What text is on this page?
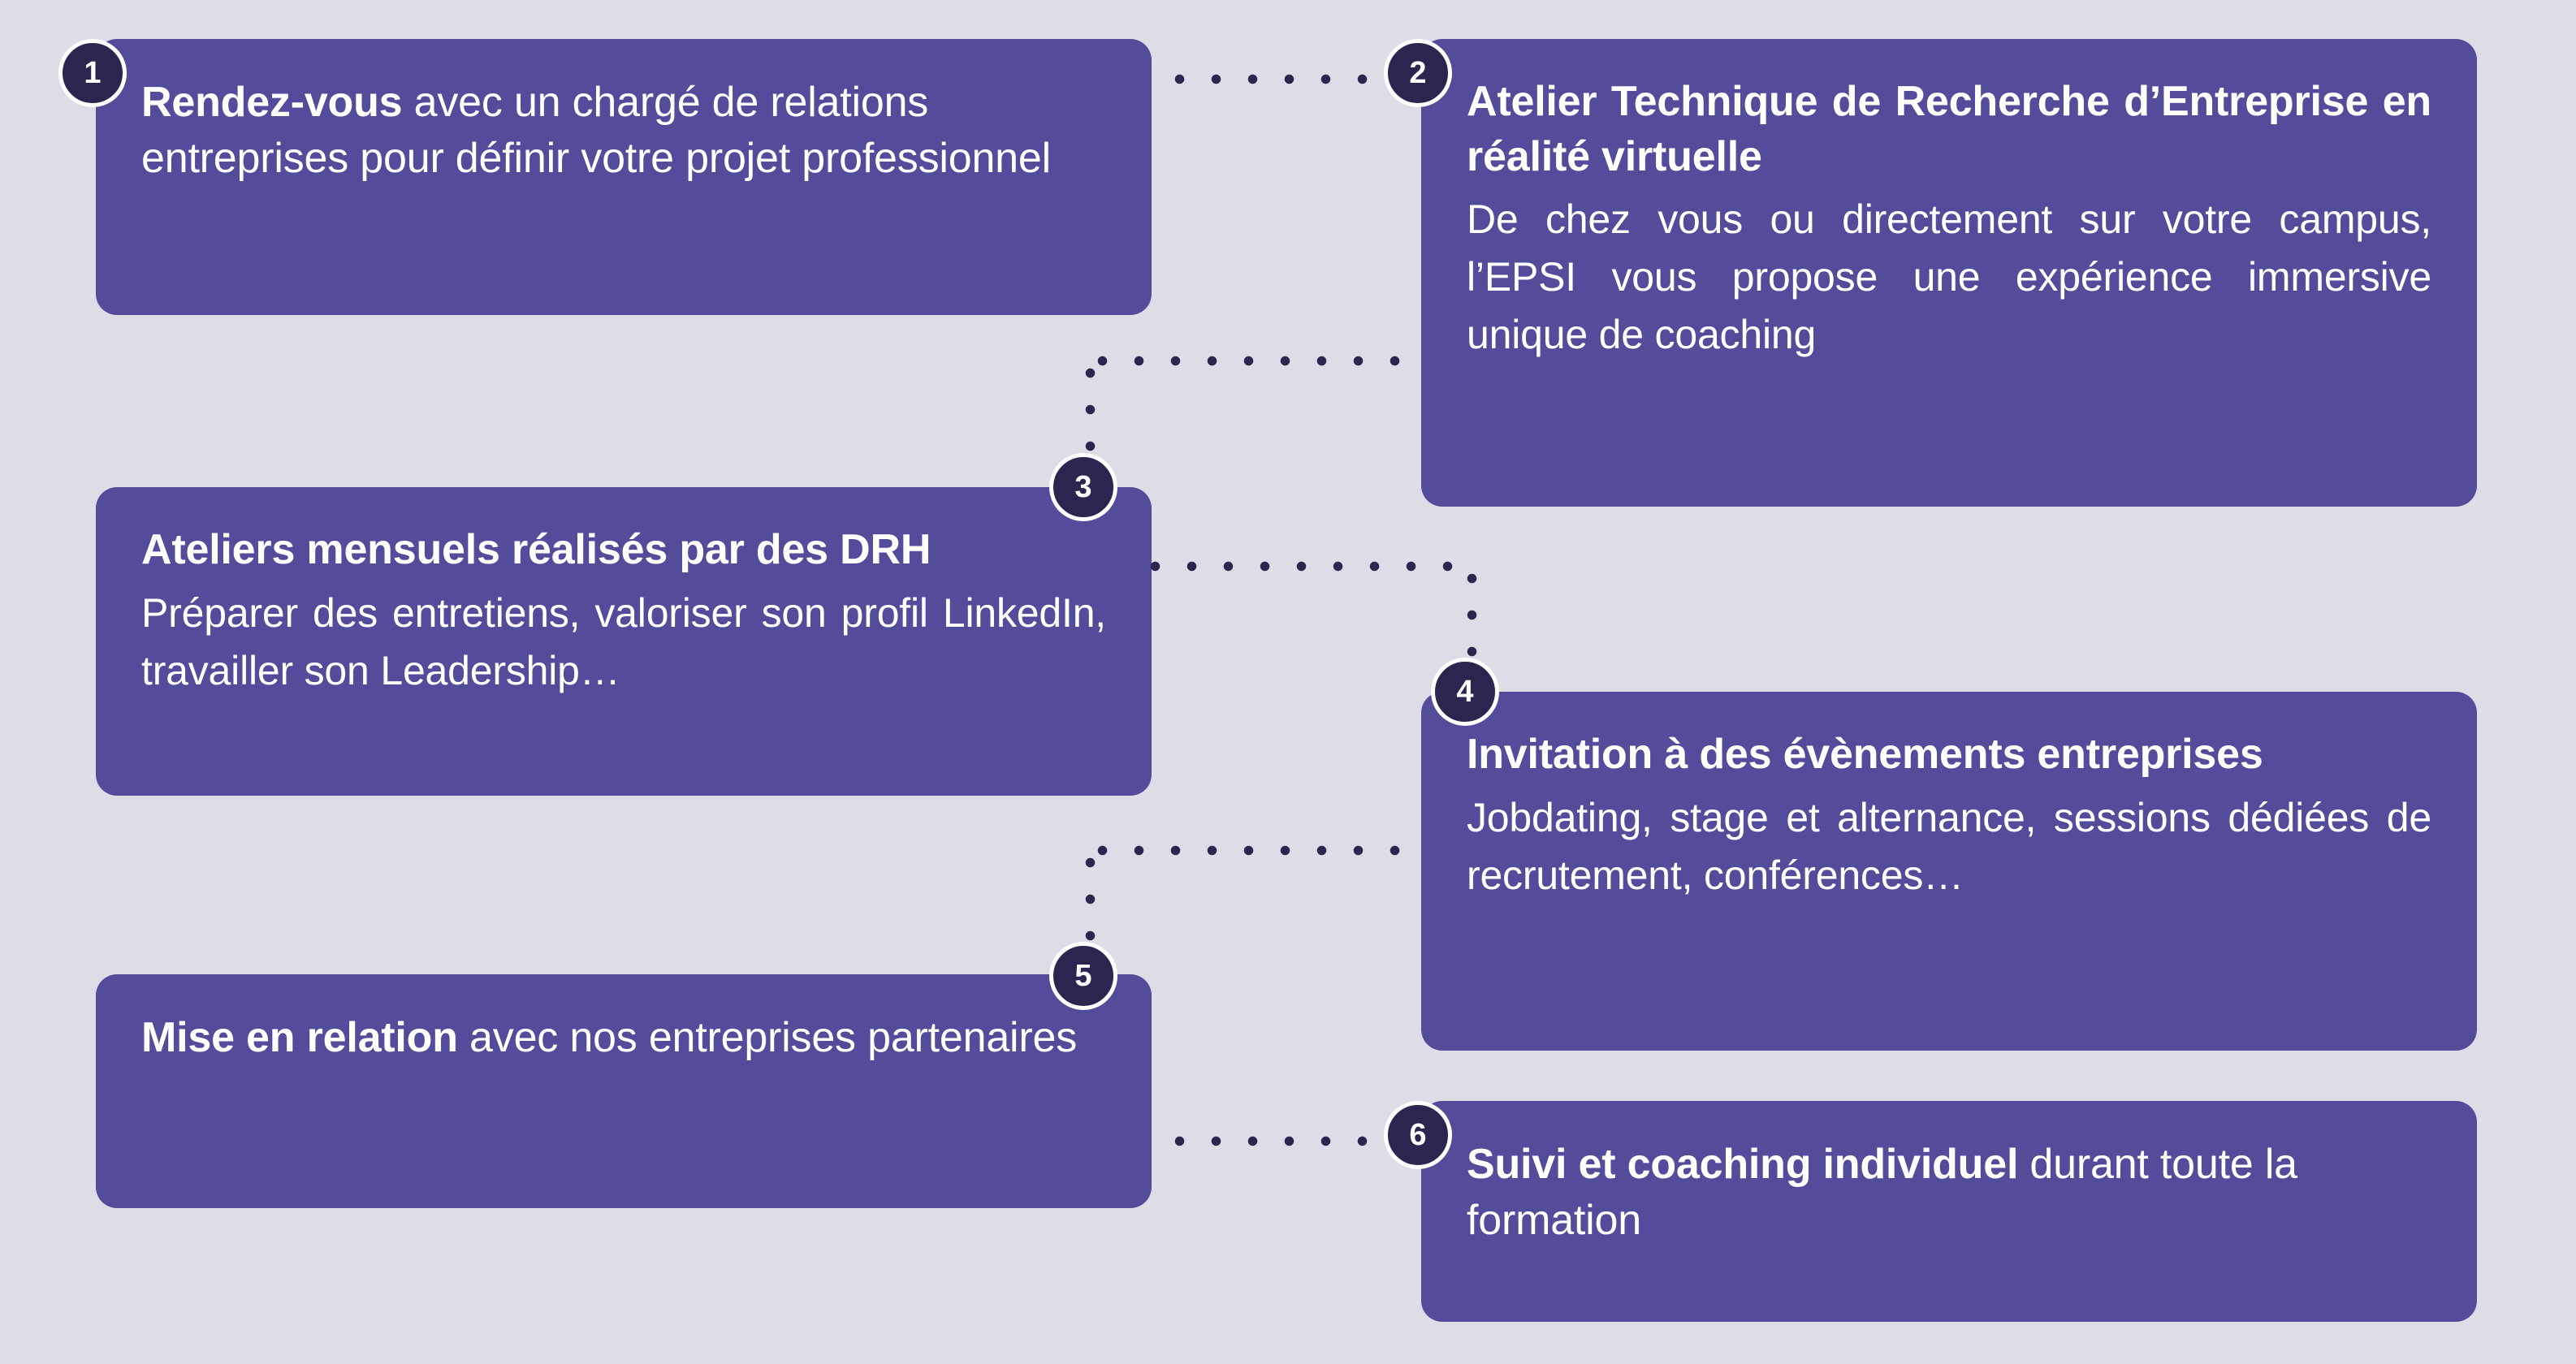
Rendez-vous avec un chargé de relations entreprises pour définir votre projet professionnel

1

Atelier Technique de Recherche d’Entreprise en réalité virtuelle

De chez vous ou directement sur votre campus, l’EPSI vous propose une expérience immersive unique de coaching

2

Ateliers mensuels réalisés par des DRH

Préparer des entretiens, valoriser son profil LinkedIn, travailler son Leadership…

3

Invitation à des évènements entreprises

Jobdating, stage et alternance, sessions dédiées de recrutement, conférences…

4

Mise en relation avec nos entreprises partenaires

5

Suivi et coaching individuel durant toute la formation

6
